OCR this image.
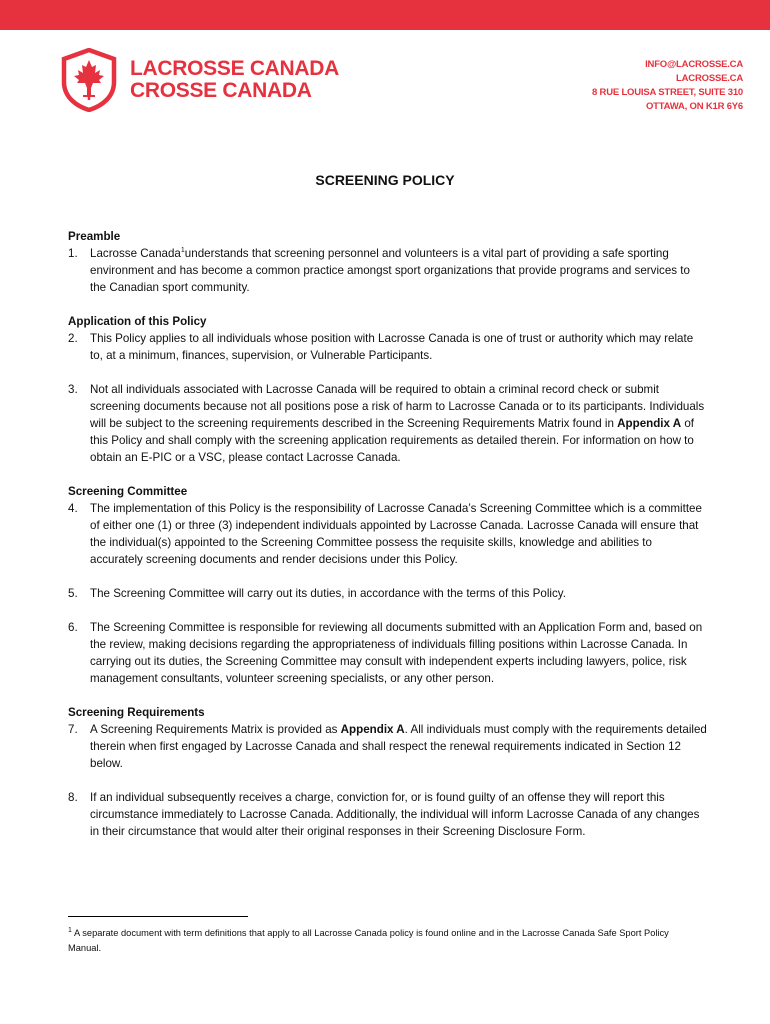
LACROSSE CANADA
CROSSE CANADA
INFO@LACROSSE.CA
LACROSSE.CA
8 RUE LOUISA STREET, SUITE 310
OTTAWA, ON K1R 6Y6
SCREENING POLICY
Preamble
1.	Lacrosse Canada$^1$understands that screening personnel and volunteers is a vital part of providing a safe sporting environment and has become a common practice amongst sport organizations that provide programs and services to the Canadian sport community.
Application of this Policy
2.	This Policy applies to all individuals whose position with Lacrosse Canada is one of trust or authority which may relate to, at a minimum, finances, supervision, or Vulnerable Participants.
3.	Not all individuals associated with Lacrosse Canada will be required to obtain a criminal record check or submit screening documents because not all positions pose a risk of harm to Lacrosse Canada or to its participants. Individuals will be subject to the screening requirements described in the Screening Requirements Matrix found in Appendix A of this Policy and shall comply with the screening application requirements as detailed therein. For information on how to obtain an E-PIC or a VSC, please contact Lacrosse Canada.
Screening Committee
4.	The implementation of this Policy is the responsibility of Lacrosse Canada’s Screening Committee which is a committee of either one (1) or three (3) independent individuals appointed by Lacrosse Canada. Lacrosse Canada will ensure that the individual(s) appointed to the Screening Committee possess the requisite skills, knowledge and abilities to accurately screening documents and render decisions under this Policy.
5.	The Screening Committee will carry out its duties, in accordance with the terms of this Policy.
6.	The Screening Committee is responsible for reviewing all documents submitted with an Application Form and, based on the review, making decisions regarding the appropriateness of individuals filling positions within Lacrosse Canada. In carrying out its duties, the Screening Committee may consult with independent experts including lawyers, police, risk management consultants, volunteer screening specialists, or any other person.
Screening Requirements
7.	A Screening Requirements Matrix is provided as Appendix A. All individuals must comply with the requirements detailed therein when first engaged by Lacrosse Canada and shall respect the renewal requirements indicated in Section 12 below.
8.	If an individual subsequently receives a charge, conviction for, or is found guilty of an offense they will report this circumstance immediately to Lacrosse Canada. Additionally, the individual will inform Lacrosse Canada of any changes in their circumstance that would alter their original responses in their Screening Disclosure Form.
$^1$ A separate document with term definitions that apply to all Lacrosse Canada policy is found online and in the Lacrosse Canada Safe Sport Policy Manual.
